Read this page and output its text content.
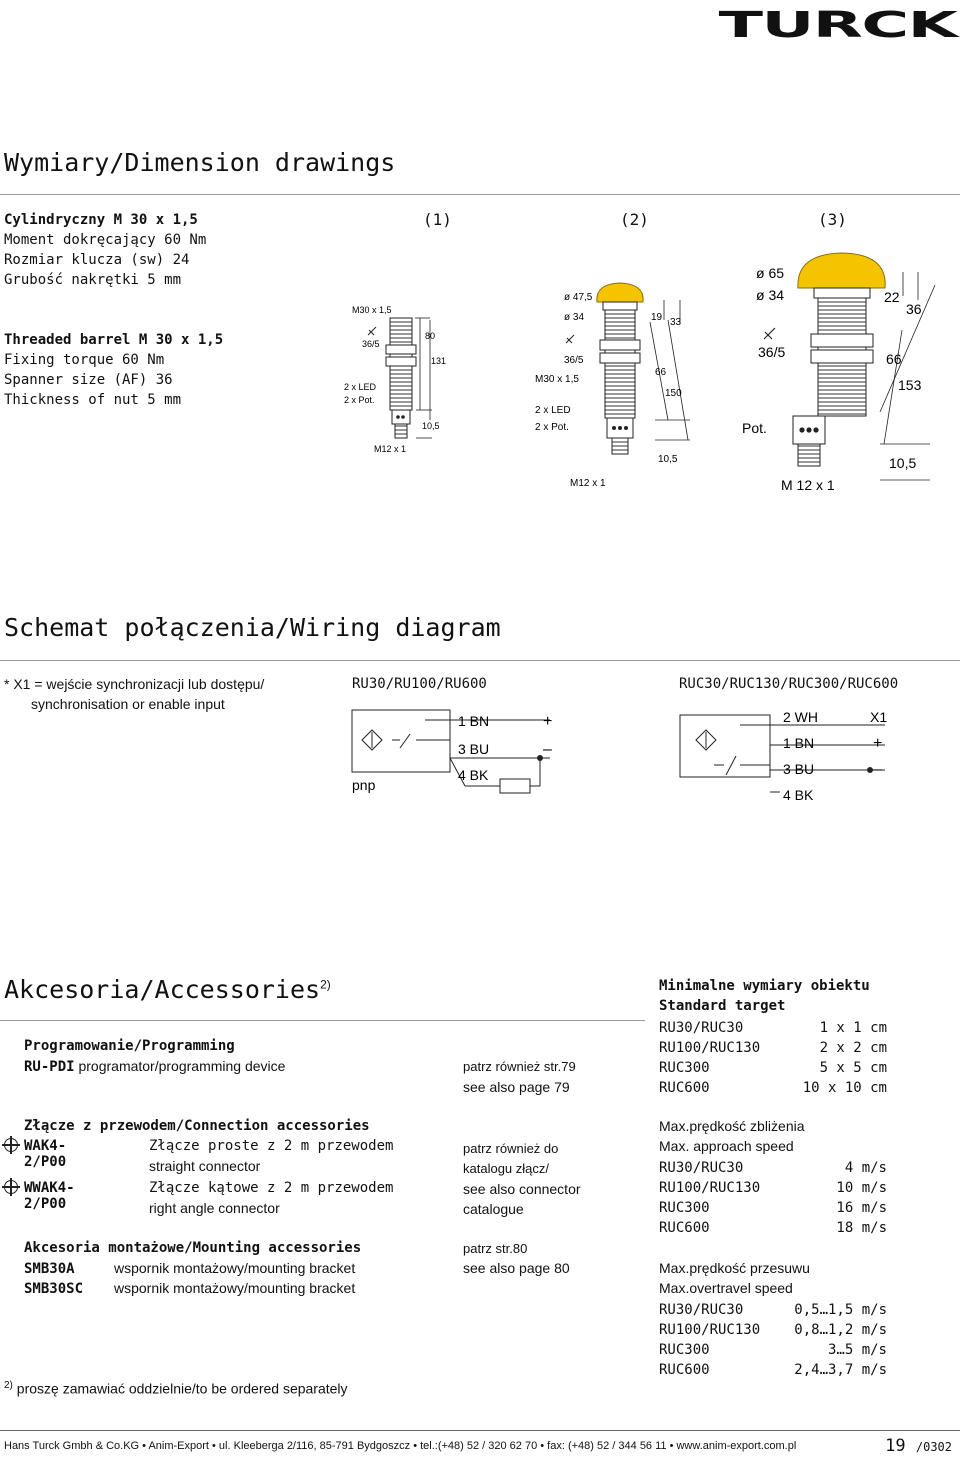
TURCK
Wymiary/Dimension drawings
Cylindryczny M 30 x 1,5
Moment dokręcający 60 Nm
Rozmiar klucza (sw) 24
Grubość nakrętki 5 mm
Threaded barrel M 30 x 1,5
Fixing torque 60 Nm
Spanner size (AF) 36
Thickness of nut 5 mm
(1)	(2)	(3)
M30 x 1,5
36/5
2 x LED
2 x Pot.
80
131
10,5
M12 x 1
ø 47,5
ø 34
36/5
M30 x 1,5
2 x LED
2 x Pot.
19 33
66
150
10,5
M12 x 1
ø 65
ø 34
36/5
Pot.
22
36
66
153
10,5
M 12 x 1
Schemat połączenia/Wiring diagram
* X1 = wejście synchronizacji lub dostępu/
synchronisation or enable input
RU30/RU100/RU600	RUC30/RUC130/RUC300/RUC600
pnp
1 BN
3 BU
4 BK
+
–
2 WH	X1
1 BN	+
3 BU	–
4 BK
Akcesoria/Accessories$^{2)}$
Programowanie/Programming
RU-PDI programator/programming device	patrz również str.79
see also page 79
Złącze z przewodem/Connection accessories
WAK4-2/P00
Złącze proste z 2 m przewodem
straight connector
WWAK4-2/P00
Złącze kątowe z 2 m przewodem
right angle connector
patrz również do
katalogu złącz/
see also connector
catalogue
Akcesoria montażowe/Mounting accessories
SMB30A	wspornik montażowy/mounting bracket
SMB30SC wspornik montażowy/mounting bracket
patrz str.80
see also page 80
$^{2)}$ proszę zamawiać oddzielnie/to be ordered separately
Minimalne wymiary obiektu
Standard target
RU30/RUC30	1 x 1 cm
RU100/RUC130	2 x 2 cm
RUC300	5 x 5 cm
RUC600	10 x 10 cm
Max.prędkość zbliżenia
Max. approach speed
RU30/RUC30	4 m/s
RU100/RUC130	10 m/s
RUC300	16 m/s
RUC600	18 m/s
Max.prędkość przesuwu
Max.overtravel speed
RU30/RUC30	0,5…1,5 m/s
RU100/RUC130 0,8…1,2 m/s
RUC300	3…5 m/s
RUC600	2,4…3,7 m/s
Hans Turck Gmbh & Co.KG • Anim-Export • ul. Kleeberga 2/116, 85-791 Bydgoszcz • tel.:(+48) 52 / 320 62 70 • fax: (+48) 52 / 344 56 11 • www.anim-export.com.pl	19 /0302
